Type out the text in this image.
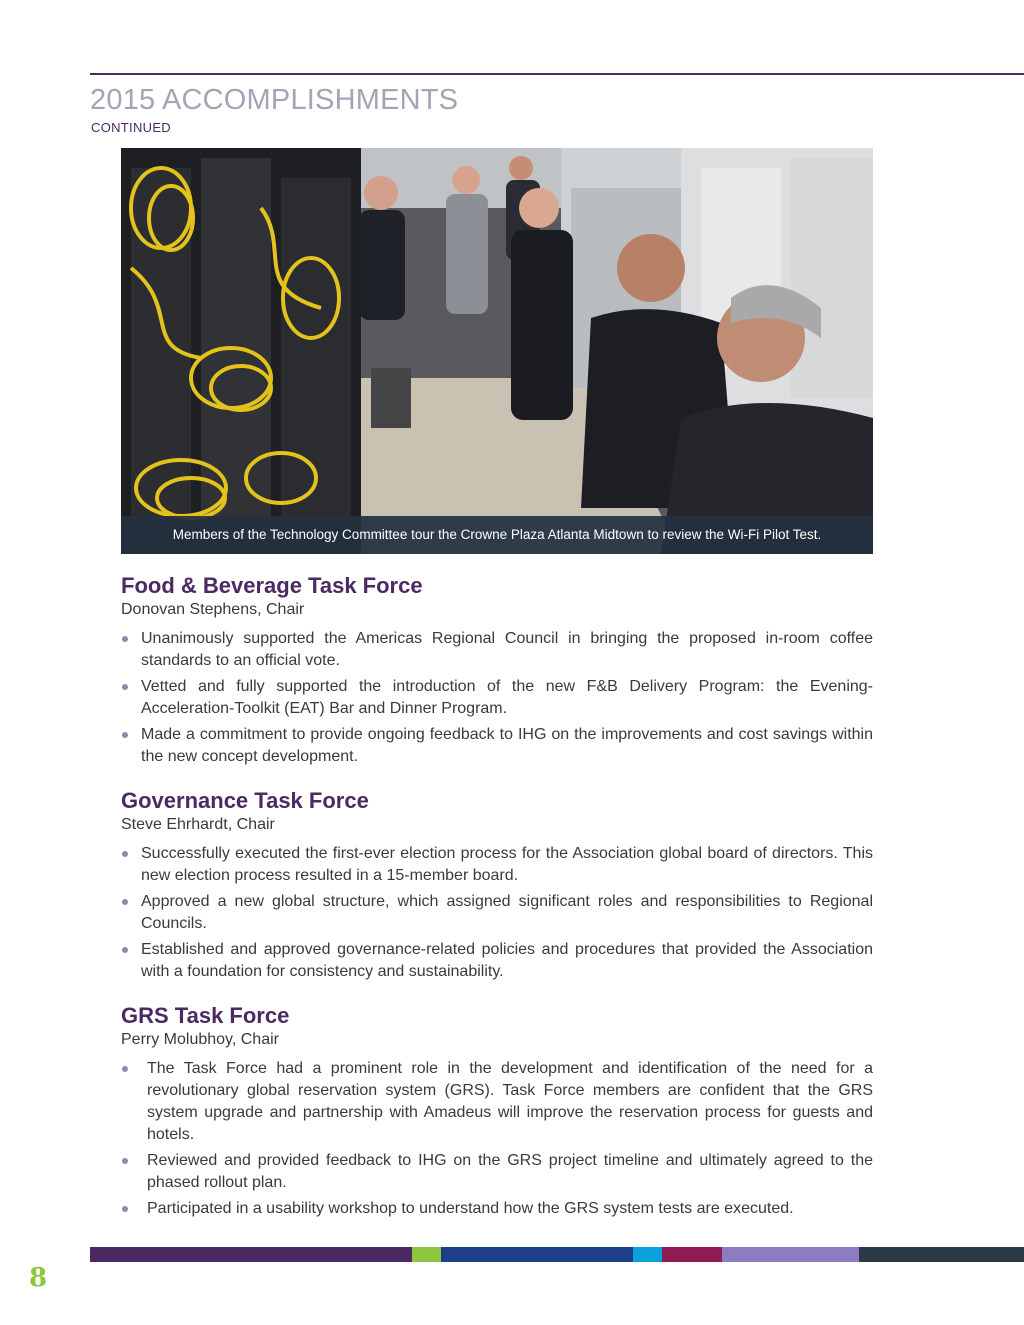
2015 ACCOMPLISHMENTS
CONTINUED
Members of the Technology Committee tour the Crowne Plaza Atlanta Midtown to review the Wi-Fi Pilot Test.
Food & Beverage Task Force
Donovan Stephens, Chair
Unanimously supported the Americas Regional Council in bringing the proposed in-room coffee standards to an official vote.
Vetted and fully supported the introduction of the new F&B Delivery Program: the Evening-Acceleration-Toolkit (EAT) Bar and Dinner Program.
Made a commitment to provide ongoing feedback to IHG on the improvements and cost savings within the new concept development.
Governance Task Force
Steve Ehrhardt, Chair
Successfully executed the first-ever election process for the Association global board of directors. This new election process resulted in a 15-member board.
Approved a new global structure, which assigned significant roles and responsibilities to Regional Councils.
Established and approved governance-related policies and procedures that provided the Association with a foundation for consistency and sustainability.
GRS Task Force
Perry Molubhoy, Chair
The Task Force had a prominent role in the development and identification of the need for a revolutionary global reservation system (GRS). Task Force members are confident that the GRS system upgrade and partnership with Amadeus will improve the reservation process for guests and hotels.
Reviewed and provided feedback to IHG on the GRS project timeline and ultimately agreed to the phased rollout plan.
Participated in a usability workshop to understand how the GRS system tests are executed.
8
